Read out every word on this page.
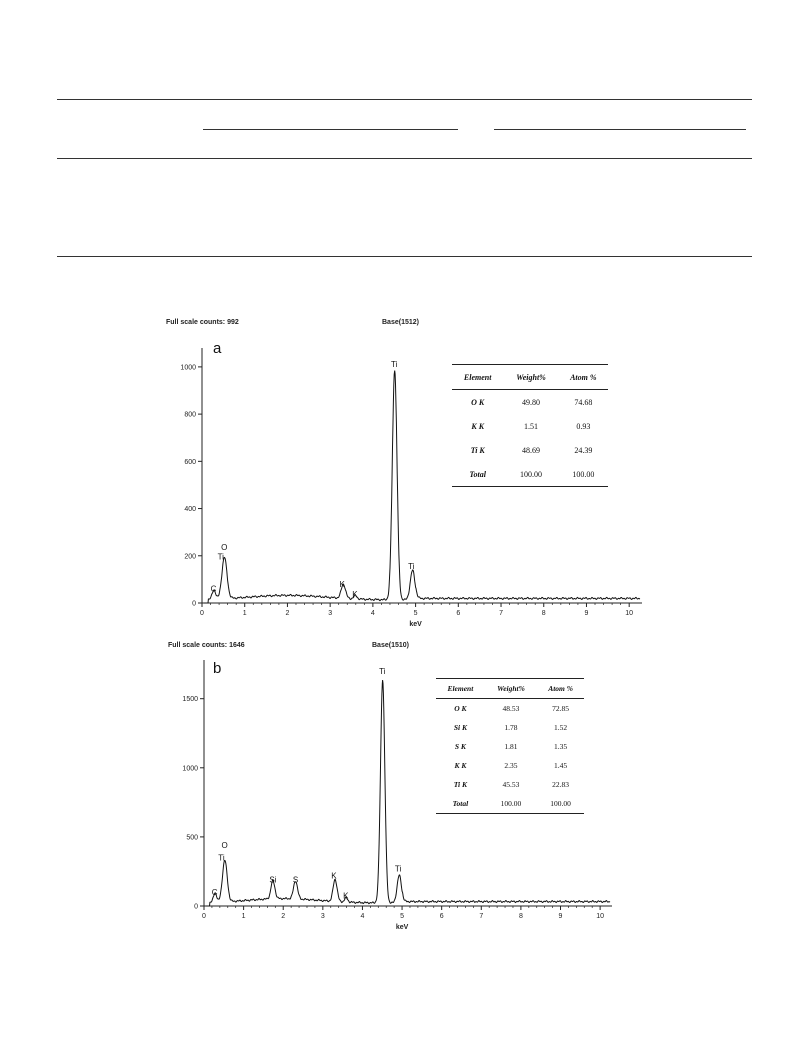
Full scale counts: 992	Base(1512)
a
0
200
400
600
800
1000
0	1	2	3	4	5	6	7	8	9	10
keV
C
O
Ti
K
K
Ti
Ti
Element	Weight%	Atom %
O K	49.80	74.68
K K	1.51	0.93
Ti K	48.69	24.39
Total	100.00	100.00
Full scale counts: 1646	Base(1510)
b
0
500
1000
1500
0	1	2	3	4	5	6	7	8	9	10
keV
C
O
Ti
Si S	K
K
Ti
Ti
Element	Weight%	Atom %
O K	48.53	72.85
Si K	1.78	1.52
S K	1.81	1.35
K K	2.35	1.45
Ti K	45.53	22.83
Total	100.00	100.00
